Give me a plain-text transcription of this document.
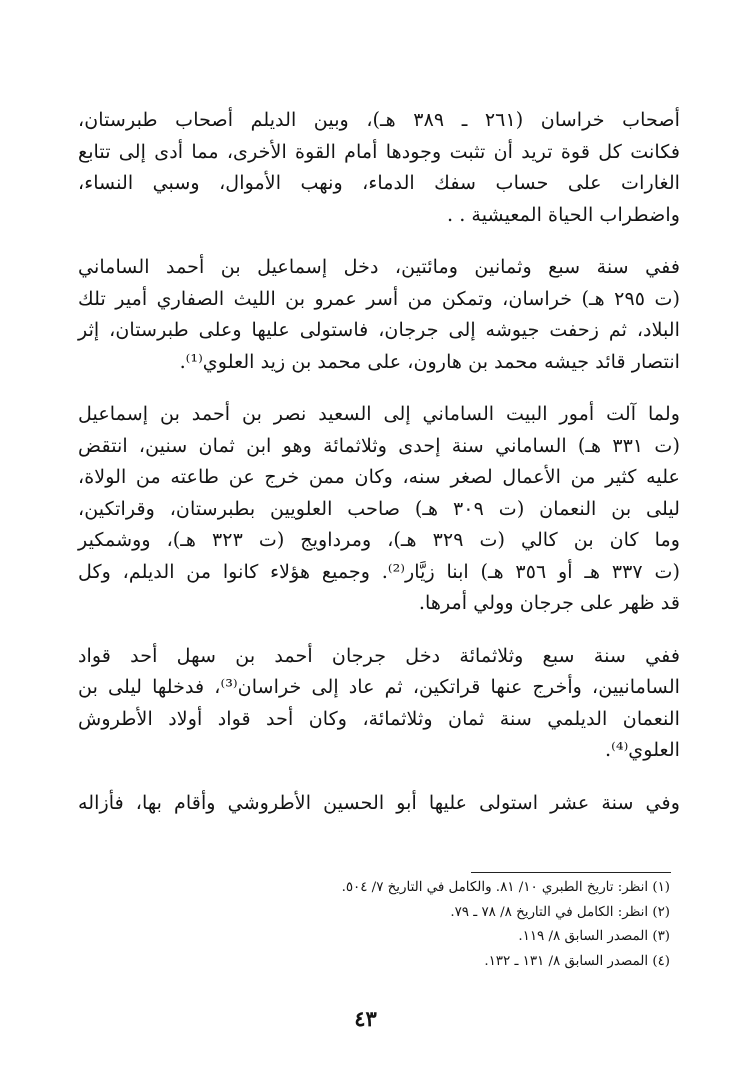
أصحاب خراسان (٢٦١ ـ ٣٨٩ هـ)، وبين الديلم أصحاب طبرستان،
فكانت كل قوة تريد أن تثبت وجودها أمام القوة الأخرى، مما أدى إلى تتابع
الغارات على حساب سفك الدماء، ونهب الأموال، وسبي النساء،
واضطراب الحياة المعيشية . .
ففي سنة سبع وثمانين ومائتين، دخل إسماعيل بن أحمد الساماني
(ت ٢٩٥ هـ) خراسان، وتمكن من أسر عمرو بن الليث الصفاري أمير تلك
البلاد، ثم زحفت جيوشه إلى جرجان، فاستولى عليها وعلى طبرستان، إثر
انتصار قائد جيشه محمد بن هارون، على محمد بن زيد العلوي⁽¹⁾.
ولما آلت أمور البيت الساماني إلى السعيد نصر بن أحمد بن إسماعيل
(ت ٣٣١ هـ) الساماني سنة إحدى وثلاثمائة وهو ابن ثمان سنين، انتقض
عليه كثير من الأعمال لصغر سنه، وكان ممن خرج عن طاعته من الولاة،
ليلى بن النعمان (ت ٣٠٩ هـ) صاحب العلويين بطبرستان، وقراتكين،
وما كان بن كالي (ت ٣٢٩ هـ)، ومرداويج (ت ٣٢٣ هـ)، ووشمكير
(ت ٣٣٧ هـ أو ٣٥٦ هـ) ابنا زيَّار⁽²⁾. وجميع هؤلاء كانوا من الديلم، وكل
قد ظهر على جرجان وولي أمرها.
ففي سنة سبع وثلاثمائة دخل جرجان أحمد بن سهل أحد قواد
السامانيين، وأخرج عنها قراتكين، ثم عاد إلى خراسان⁽³⁾، فدخلها ليلى بن
النعمان الديلمي سنة ثمان وثلاثمائة، وكان أحد قواد أولاد الأطروش
العلوي⁽⁴⁾.
وفي سنة عشر استولى عليها أبو الحسين الأطروشي وأقام بها، فأزاله
(١) انظر: تاريخ الطبري ١٠/ ٨١. والكامل في التاريخ ٧/ ٥٠٤.
(٢) انظر: الكامل في التاريخ ٨/ ٧٨ ـ ٧٩.
(٣) المصدر السابق ٨/ ١١٩.
(٤) المصدر السابق ٨/ ١٣١ ـ ١٣٢.
٤٣
